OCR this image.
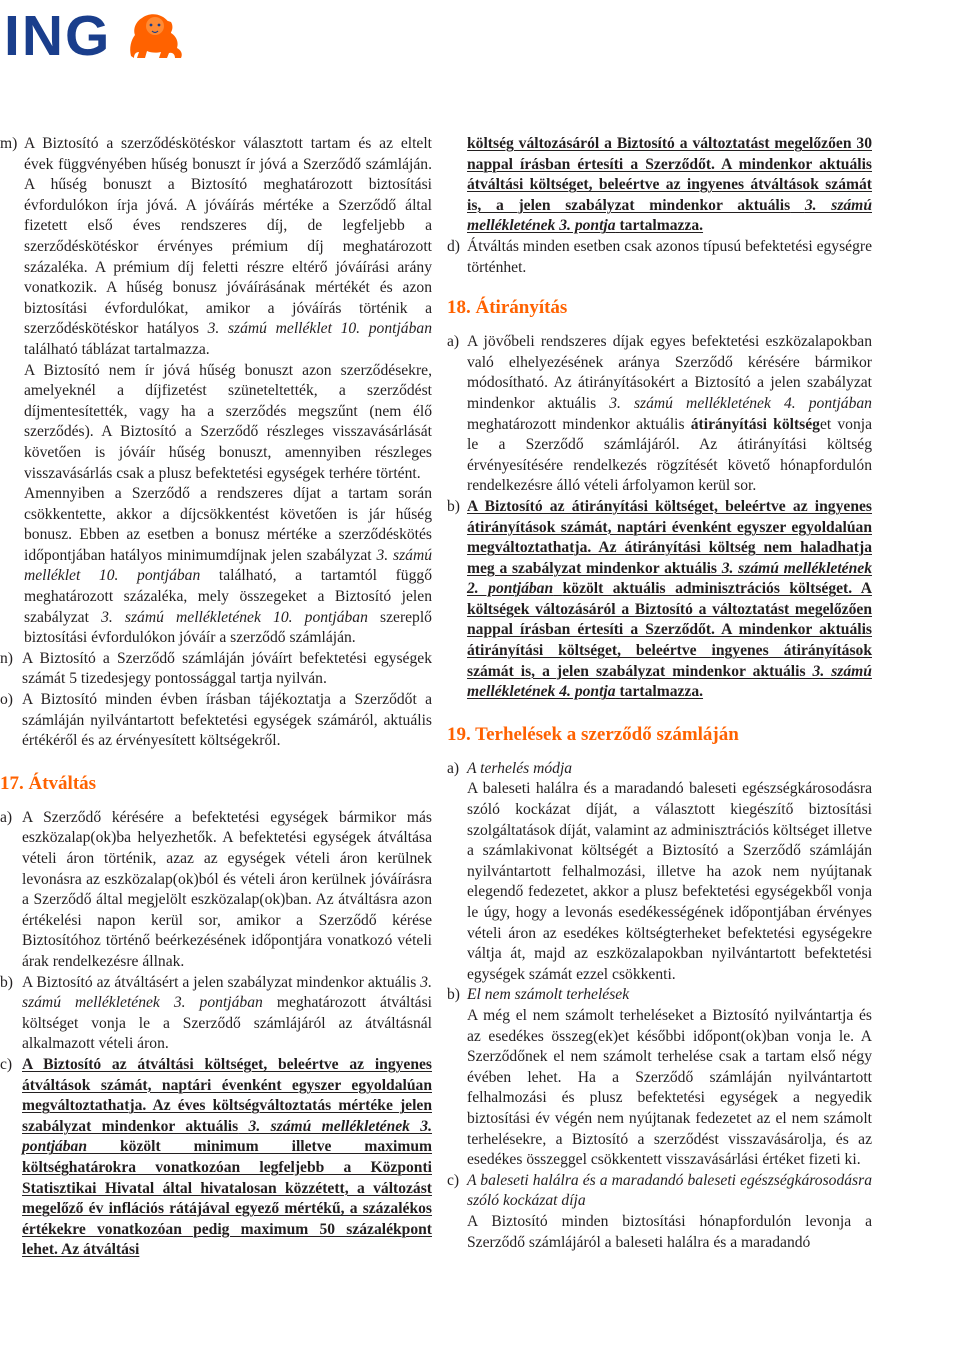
ING
m) A Biztosító a szerződéskötéskor választott tartam és az eltelt évek függvényében hűség bonuszt ír jóvá a Szerződő számláján. A hűség bonuszt a Biztosító meghatározott biztosítási évfordulókon írja jóvá. A jóváírás mértéke a Szerződő által fizetett első éves rendszeres díj, de legfeljebb a szerződéskötéskor érvényes prémium díj meghatározott százaléka. A prémium díj feletti részre eltérő jóváírási arány vonatkozik. A hűség bonusz jóváírásának mértékét és azon biztosítási évfordulókat, amikor a jóváírás történik a szerződéskötéskor hatályos 3. számú melléklet 10. pontjában található táblázat tartalmazza.

A Biztosító nem ír jóvá hűség bonuszt azon szerződésekre, amelyeknél a díjfizetést szüneteltették, a szerződést díjmentesítették, vagy ha a szerződés megszűnt (nem élő szerződés). A Biztosító a Szerződő részleges visszavásárlását követően is jóváír hűség bonuszt, amennyiben részleges visszavásárlás csak a plusz befektetési egységek terhére történt.

Amennyiben a Szerződő a rendszeres díjat a tartam során csökkentette, akkor a díjcsökkentést követően is jár hűség bonusz. Ebben az esetben a bonusz mértéke a szerződéskötés időpontjában hatályos minimumdíjnak jelen szabályzat 3. számú melléklet 10. pontjában található, a tartamtól függő meghatározott százaléka, mely összegeket a Biztosító jelen szabályzat 3. számú mellékletének 10. pontjában szereplő biztosítási évfordulókon jóváír a szerződő számláján.

n) A Biztosító a Szerződő számláján jóváírt befektetési egységek számát 5 tizedesjegy pontossággal tartja nyilván.

o) A Biztosító minden évben írásban tájékoztatja a Szerződőt a számláján nyilvántartott befektetési egységek számáról, aktuális értékéről és az érvényesített költségekről.

17. Átváltás
a) A Szerződő kérésére a befektetési egységek bármikor más eszközalap(ok)ba helyezhetők. A befektetési egységek átváltása vételi áron történik, azaz az egységek vételi áron kerülnek levonásra az eszközalap(ok)ból és vételi áron kerülnek jóváírásra a Szerződő által megjelölt eszközalap(ok)ban. Az átváltásra azon értékelési napon kerül sor, amikor a Szerződő kérése Biztosítóhoz történő beérkezésének időpontjára vonatkozó vételi árak rendelkezésre állnak.

b) A Biztosító az átváltásért a jelen szabályzat mindenkor aktuális 3. számú mellékletének 3. pontjában meghatározott átváltási költséget vonja le a Szerződő számlájáról az átváltásnál alkalmazott vételi áron.

c) A Biztosító az átváltási költséget, beleértve az ingyenes átváltások számát, naptári évenként egyszer egyoldalúan megváltoztathatja. Az éves költségváltoztatás mértéke jelen szabályzat mindenkor aktuális 3. számú mellékletének 3. pontjában közölt minimum illetve maximum költséghatárokra vonatkozóan legfeljebb a Központi Statisztikai Hivatal által hivatalosan közzétett, a változást megelőző év inflációs rátájával egyező mértékű, a százalékos értékekre vonatkozóan pedig maximum 50 százalékpont lehet. Az átváltási

költség változásáról a Biztosító a változtatást megelőzően 30 nappal írásban értesíti a Szerződőt. A mindenkor aktuális átváltási költséget, beleértve az ingyenes átváltások számát is, a jelen szabályzat mindenkor aktuális 3. számú mellékletének 3. pontja tartalmazza.

d) Átváltás minden esetben csak azonos típusú befektetési egységre történhet.

18. Átirányítás
a) A jövőbeli rendszeres díjak egyes befektetési eszközalapokban való elhelyezésének aránya Szerződő kérésére bármikor módosítható. Az átirányításokért a Biztosító a jelen szabályzat mindenkor aktuális 3. számú mellékletének 4. pontjában meghatározott mindenkor aktuális átirányítási költséget vonja le a Szerződő számlájáról. Az átirányítási költség érvényesítésére rendelkezés rögzítését követő hónapfordulón rendelkezésre álló vételi árfolyamon kerül sor.

b) A Biztosító az átirányítási költséget, beleértve az ingyenes átirányítások számát, naptári évenként egyszer egyoldalúan megváltoztathatja. Az átirányítási költség nem haladhatja meg a szabályzat mindenkor aktuális 3. számú mellékletének 2. pontjában közölt aktuális adminisztrációs költséget. A költségek változásáról a Biztosító a változtatást megelőzően nappal írásban értesíti a Szerződőt. A mindenkor aktuális átirányítási költséget, beleértve ingyenes átirányítások számát is, a jelen szabályzat mindenkor aktuális 3. számú mellékletének 4. pontja tartalmazza.

19. Terhelések a szerződő számláján
a) A terhelés módja

A baleseti halálra és a maradandó baleseti egészségkárosodásra szóló kockázat díját, a választott kiegészítő biztosítási szolgáltatások díját, valamint az adminisztrációs költséget illetve a számlakivonat költségét a Biztosító a Szerződő számláján nyilvántartott felhalmozási, illetve ha azok nem nyújtanak elegendő fedezetet, akkor a plusz befektetési egységekből vonja le úgy, hogy a levonás esedékességének időpontjában érvényes vételi áron az esedékes költségterheket befektetési egységekre váltja át, majd az eszközalapokban nyilvántartott befektetési egységek számát ezzel csökkenti.

b) El nem számolt terhelések

A még el nem számolt terheléseket a Biztosító nyilvántartja és az esedékes összeg(ek)et későbbi időpont(ok)ban vonja le. A Szerződőnek el nem számolt terhelése csak a tartam első négy évében lehet. Ha a Szerződő számláján nyilvántartott felhalmozási és plusz befektetési egységek a negyedik biztosítási év végén nem nyújtanak fedezetet az el nem számolt terhelésekre, a Biztosító a szerződést visszavásárolja, és az esedékes összeggel csökkentett visszavásárlási értéket fizeti ki.

c) A baleseti halálra és a maradandó baleseti egészségkárosodásra szóló kockázat díja

A Biztosító minden biztosítási hónapfordulón levonja a Szerződő számlájáról a baleseti halálra és a maradandó
